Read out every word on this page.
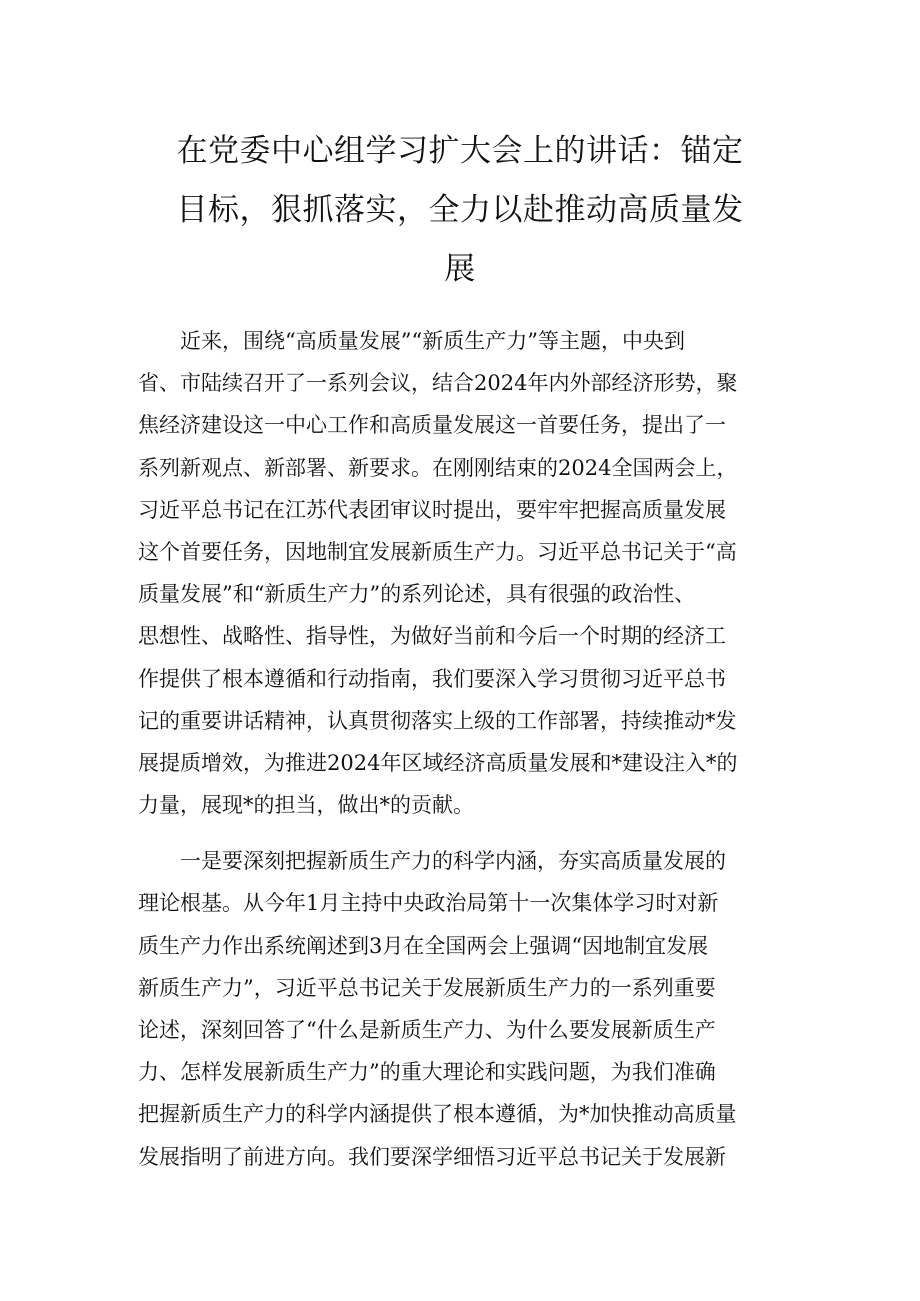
在党委中心组学习扩大会上的讲话：锚定
目标，狠抓落实，全力以赴推动高质量发
展
近来，围绕“高质量发展”“新质生产力”等主题，中央到
省、市陆续召开了一系列会议，结合2024年内外部经济形势，聚
焦经济建设这一中心工作和高质量发展这一首要任务，提出了一
系列新观点、新部署、新要求。在刚刚结束的2024全国两会上，
习近平总书记在江苏代表团审议时提出，要牢牢把握高质量发展
这个首要任务，因地制宜发展新质生产力。习近平总书记关于“高
质量发展”和“新质生产力”的系列论述，具有很强的政治性、
思想性、战略性、指导性，为做好当前和今后一个时期的经济工
作提供了根本遵循和行动指南，我们要深入学习贯彻习近平总书
记的重要讲话精神，认真贯彻落实上级的工作部署，持续推动*发
展提质增效，为推进2024年区域经济高质量发展和*建设注入*的
力量，展现*的担当，做出*的贡献。
一是要深刻把握新质生产力的科学内涵，夯实高质量发展的
理论根基。从今年1月主持中央政治局第十一次集体学习时对新
质生产力作出系统阐述到3月在全国两会上强调“因地制宜发展
新质生产力”，习近平总书记关于发展新质生产力的一系列重要
论述，深刻回答了“什么是新质生产力、为什么要发展新质生产
力、怎样发展新质生产力”的重大理论和实践问题，为我们准确
把握新质生产力的科学内涵提供了根本遵循，为*加快推动高质量
发展指明了前进方向。我们要深学细悟习近平总书记关于发展新
